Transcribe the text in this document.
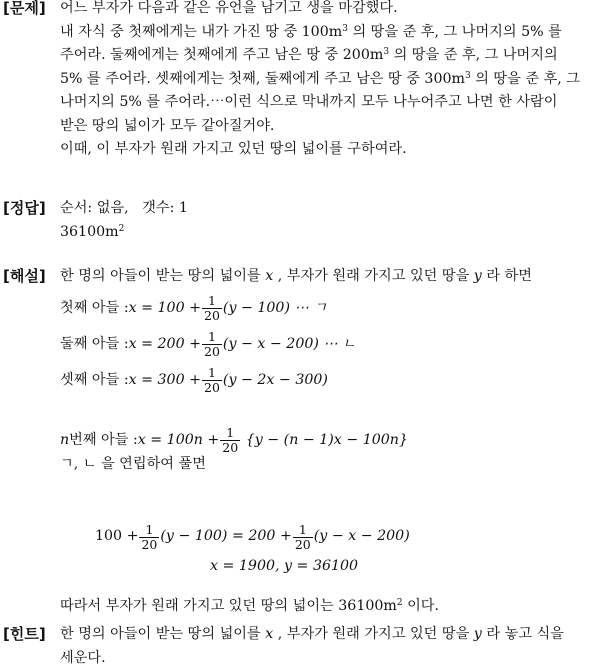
[문제] 어느 부자가 다음과 같은 유언을 남기고 생을 마감했다.
내 자식 중 첫째에게는 내가 가진 땅 중 $100m^3$ 의 땅을 준 후, 그 나머지의 5% 를
주어라. 둘째에게는 첫째에게 주고 남은 땅 중 $200m^3$ 의 땅을 준 후, 그 나머지의
5% 를 주어라. 셋째에게는 첫째, 둘째에게 주고 남은 땅 중 $300m^3$ 의 땅을 준 후, 그
나머지의 5% 를 주어라.⋯이런 식으로 막내까지 모두 나누어주고 나면 한 사람이
받은 땅의 넓이가 모두 같아질거야.
이때, 이 부자가 원래 가지고 있던 땅의 넓이를 구하여라.
[정답] 순서: 없음, 갯수: 1
$36100m^2$
[해설] 한 명의 아들이 받는 땅의 넓이를 x , 부자가 원래 가지고 있던 땅을 y 라 하면
첫째 아들 : $x = 100 + \frac{1}{20} (y - 100)$ ⋯ ㄱ
둘째 아들 : $x = 200 + \frac{1}{20} (y - x - 200)$ ⋯ ㄴ
셋째 아들 : $x = 300 + \frac{1}{20} (y - 2x - 300)$
n 번째 아들 : $x = 100n + \frac{1}{20}$
{y − (n − 1)x − 100n}
ㄱ, ㄴ 을 연립하여 풀면
$100 + \frac{1}{20} (y - 100) = 200 + \frac{1}{20} (y - x - 200)$
x = 1900, y = 36100
따라서 부자가 원래 가지고 있던 땅의 넓이는 $36100m^2$ 이다.
[힌트] 한 명의 아들이 받는 땅의 넓이를 x , 부자가 원래 가지고 있던 땅을 y 라 놓고 식을
세운다.
